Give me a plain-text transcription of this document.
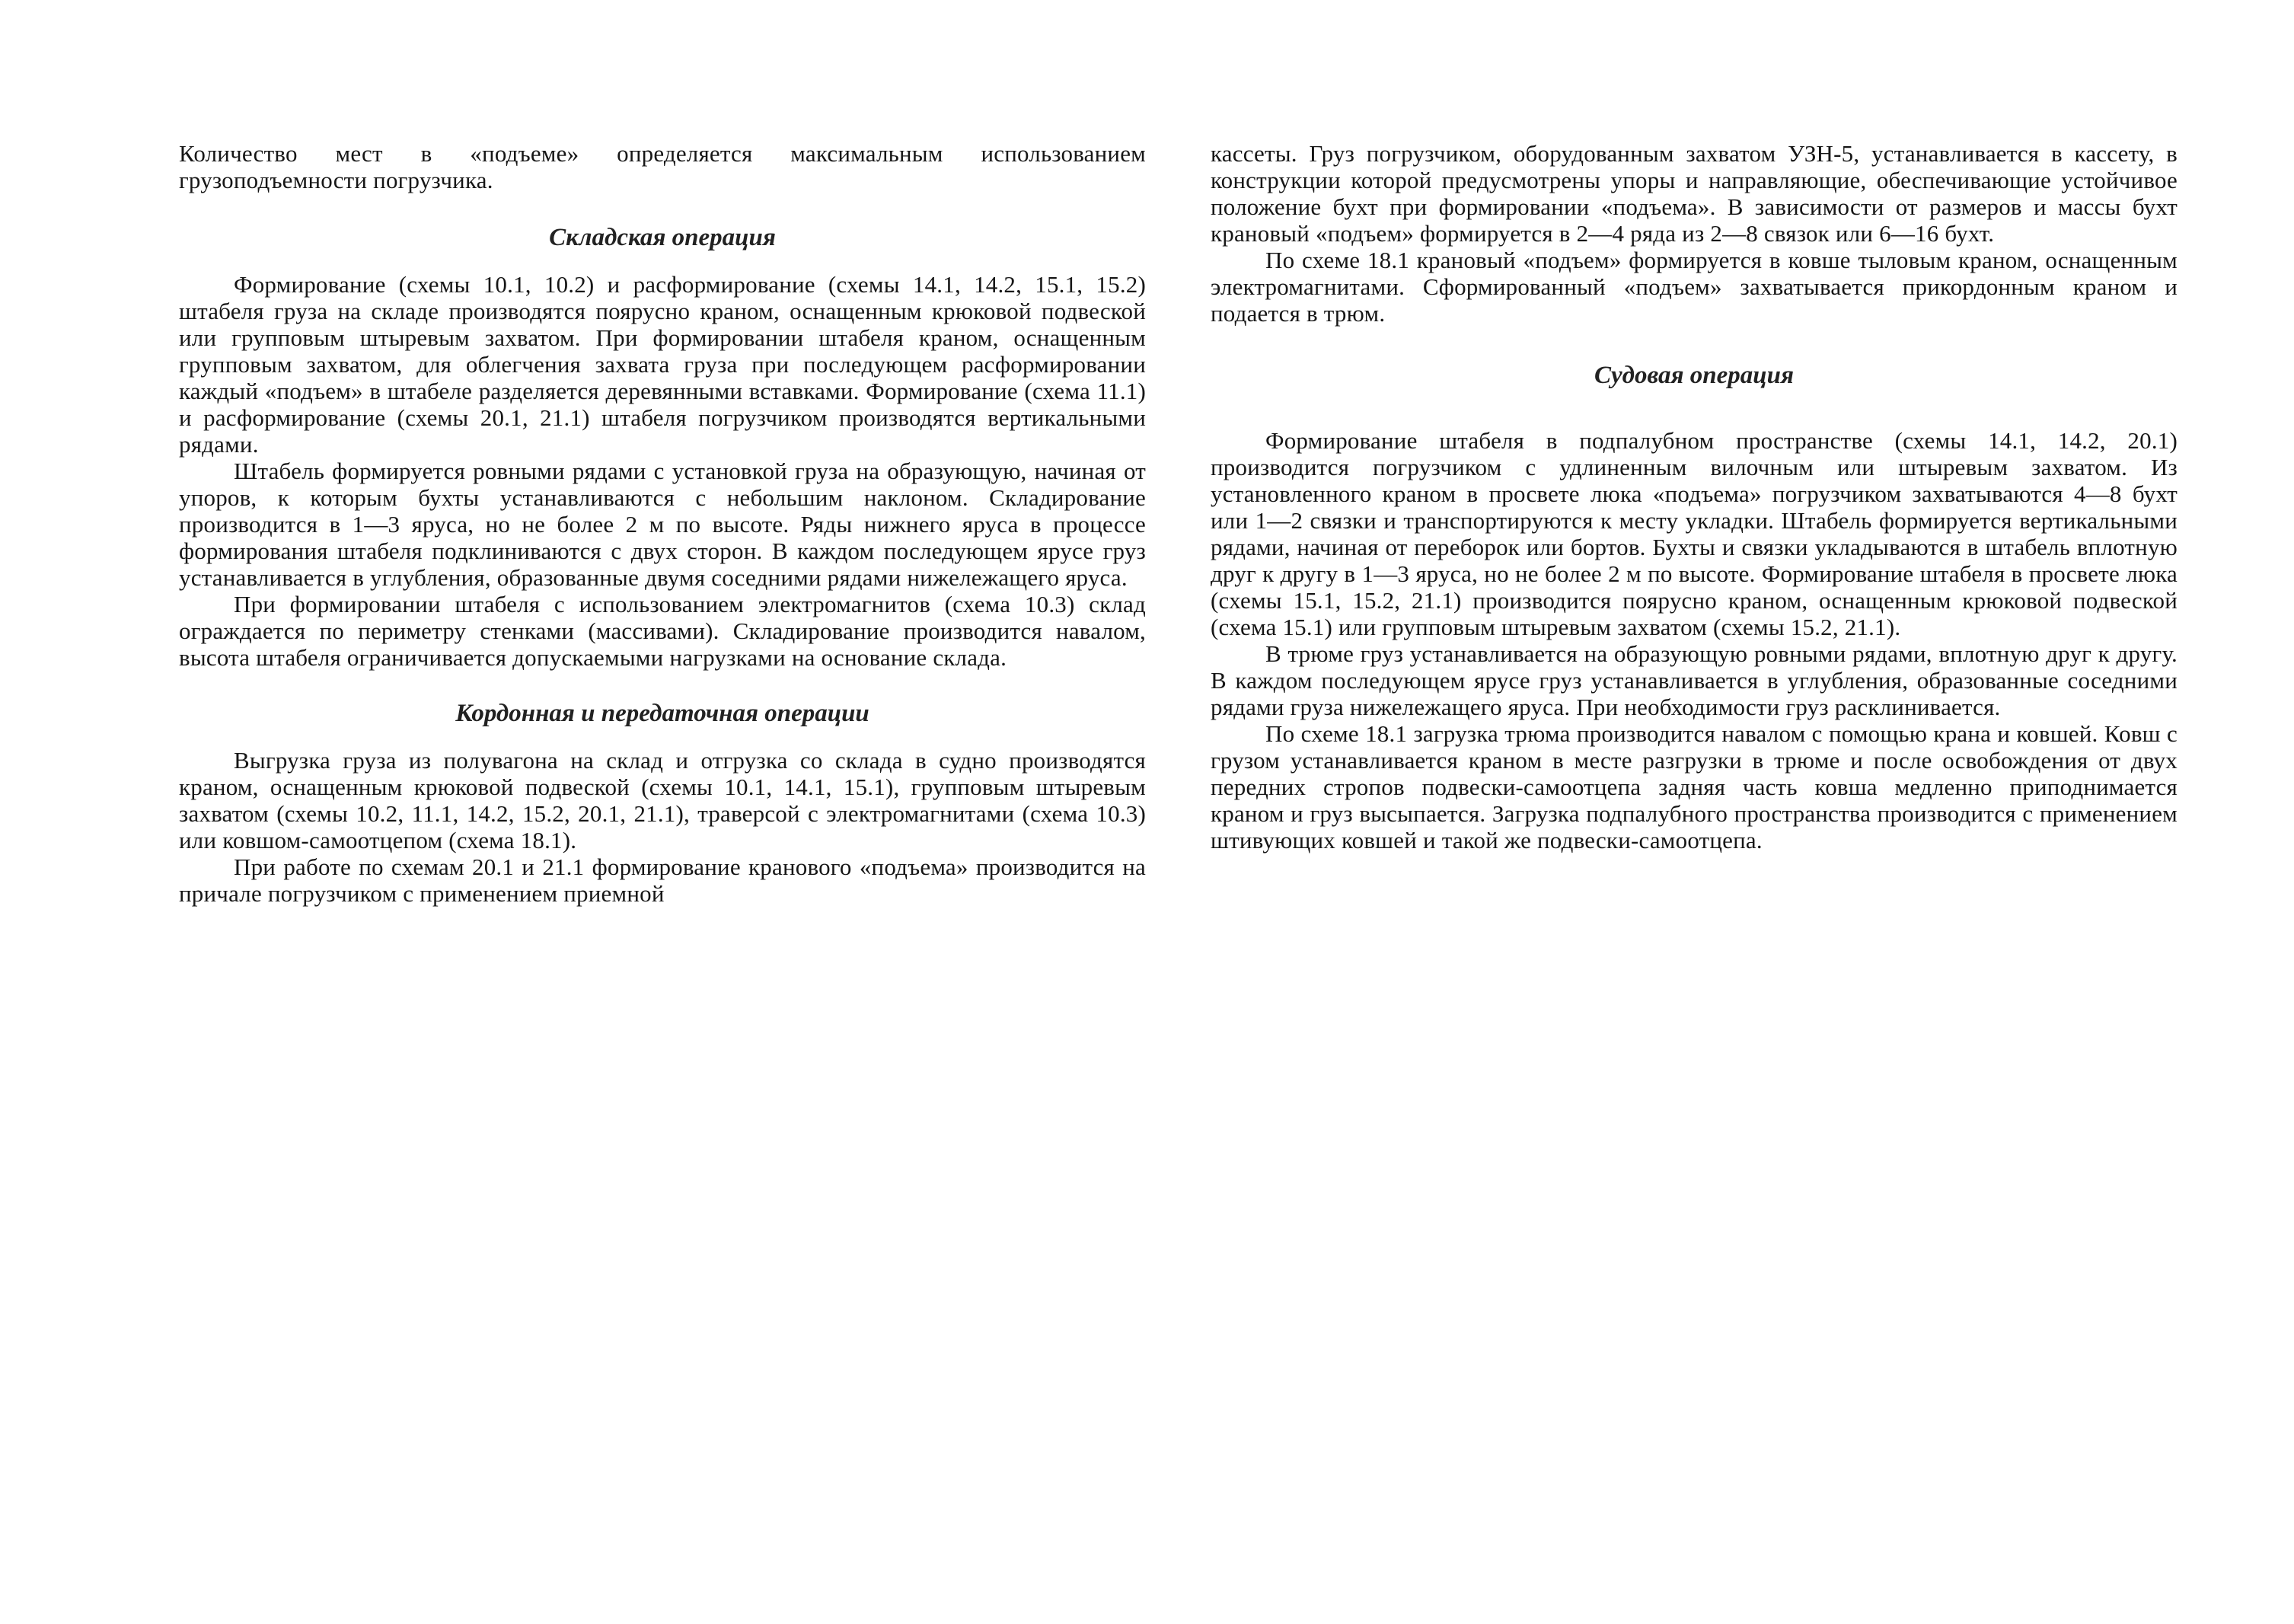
Количество мест в «подъеме» определяется максимальным использованием грузоподъемности погрузчика.

Складская операция

Формирование (схемы 10.1, 10.2) и расформирование (схемы 14.1, 14.2, 15.1, 15.2) штабеля груза на складе производятся поярусно краном, оснащенным крюковой подвеской или групповым штыревым захватом. При формировании штабеля краном, оснащенным групповым захватом, для облегчения захвата груза при последующем расформировании каждый «подъем» в штабеле разделяется деревянными вставками. Формирование (схема 11.1) и расформирование (схемы 20.1, 21.1) штабеля погрузчиком производятся вертикальными рядами.

Штабель формируется ровными рядами с установкой груза на образующую, начиная от упоров, к которым бухты устанавливаются с небольшим наклоном. Складирование производится в 1—3 яруса, но не более 2 м по высоте. Ряды нижнего яруса в процессе формирования штабеля подклиниваются с двух сторон. В каждом последующем ярусе груз устанавливается в углубления, образованные двумя соседними рядами нижележащего яруса.

При формировании штабеля с использованием электромагнитов (схема 10.3) склад ограждается по периметру стенками (массивами). Складирование производится навалом, высота штабеля ограничивается допускаемыми нагрузками на основание склада.

Кордонная и передаточная операции

Выгрузка груза из полувагона на склад и отгрузка со склада в судно производятся краном, оснащенным крюковой подвеской (схемы 10.1, 14.1, 15.1), групповым штыревым захватом (схемы 10.2, 11.1, 14.2, 15.2, 20.1, 21.1), траверсой с электромагнитами (схема 10.3) или ковшом-самоотцепом (схема 18.1).

При работе по схемам 20.1 и 21.1 формирование кранового «подъема» производится на причале погрузчиком с применением приемной

кассеты. Груз погрузчиком, оборудованным захватом УЗН-5, устанавливается в кассету, в конструкции которой предусмотрены упоры и направляющие, обеспечивающие устойчивое положение бухт при формировании «подъема». В зависимости от размеров и массы бухт крановый «подъем» формируется в 2—4 ряда из 2—8 связок или 6—16 бухт.

По схеме 18.1 крановый «подъем» формируется в ковше тыловым краном, оснащенным электромагнитами. Сформированный «подъем» захватывается прикордонным краном и подается в трюм.

Судовая операция

Формирование штабеля в подпалубном пространстве (схемы 14.1, 14.2, 20.1) производится погрузчиком с удлиненным вилочным или штыревым захватом. Из установленного краном в просвете люка «подъема» погрузчиком захватываются 4—8 бухт или 1—2 связки и транспортируются к месту укладки. Штабель формируется вертикальными рядами, начиная от переборок или бортов. Бухты и связки укладываются в штабель вплотную друг к другу в 1—3 яруса, но не более 2 м по высоте. Формирование штабеля в просвете люка (схемы 15.1, 15.2, 21.1) производится поярусно краном, оснащенным крюковой подвеской (схема 15.1) или групповым штыревым захватом (схемы 15.2, 21.1).

В трюме груз устанавливается на образующую ровными рядами, вплотную друг к другу. В каждом последующем ярусе груз устанавливается в углубления, образованные соседними рядами груза нижележащего яруса. При необходимости груз расклинивается.

По схеме 18.1 загрузка трюма производится навалом с помощью крана и ковшей. Ковш с грузом устанавливается краном в месте разгрузки в трюме и после освобождения от двух передних стропов подвески-самоотцепа задняя часть ковша медленно приподнимается краном и груз высыпается. Загрузка подпалубного пространства производится с применением штивующих ковшей и такой же подвески-самоотцепа.
